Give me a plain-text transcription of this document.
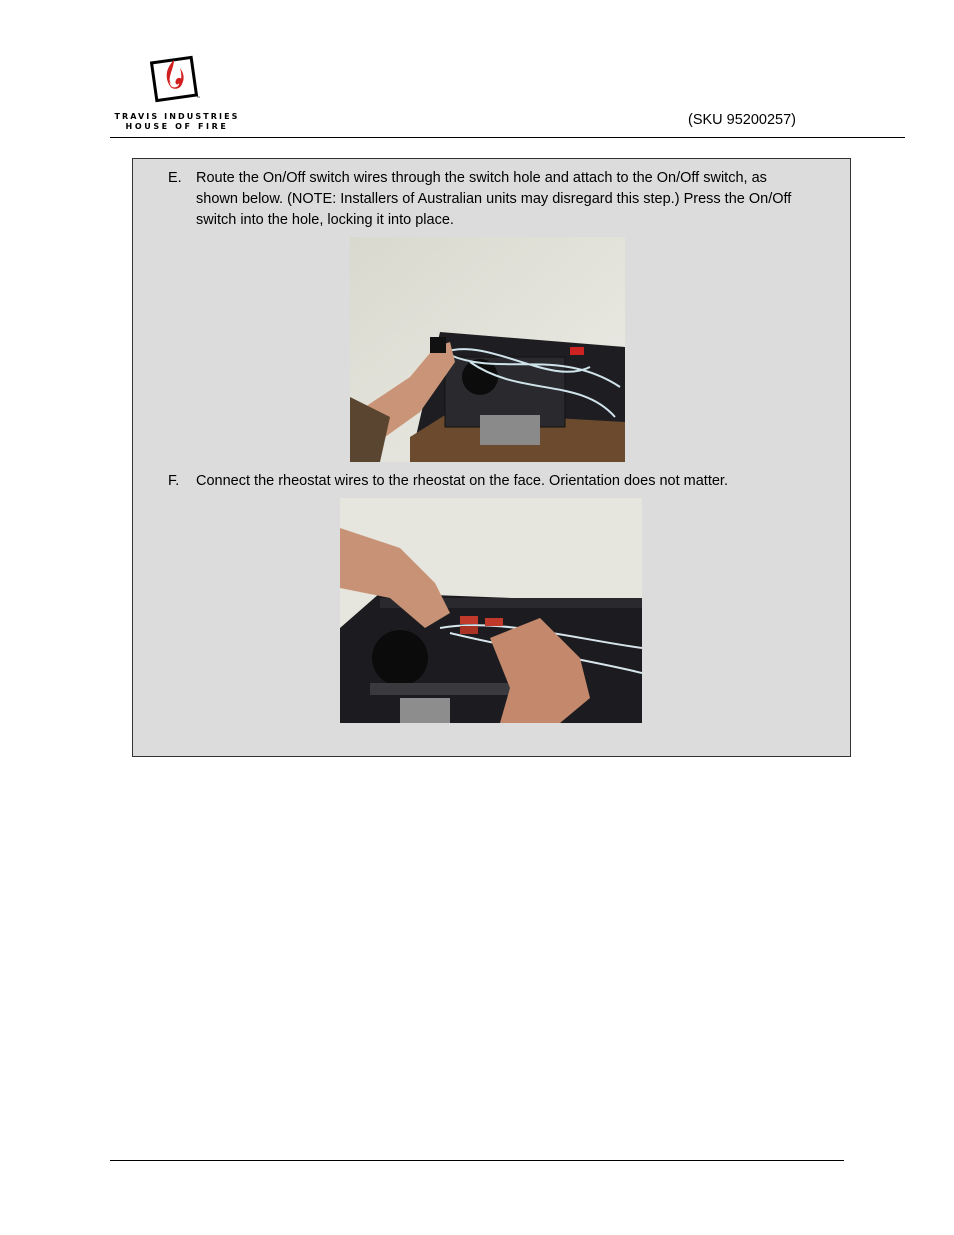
™
TRAVIS INDUSTRIES
HOUSE OF FIRE	(SKU 95200257)
E. Route the On/Off switch wires through the switch hole and attach to the On/Off switch, as
shown below. (NOTE: Installers of Australian units may disregard this step.) Press the On/Off
switch into the hole, locking it into place.
F. Connect the rheostat wires to the rheostat on the face. Orientation does not matter.
